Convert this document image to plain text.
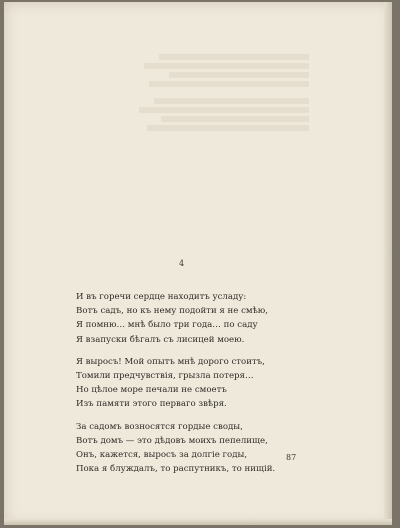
4
И въ горечи сердце находитъ усладу:
Вотъ садъ, но къ нему подойти я не смѣю,
Я помню… мнѣ было три года… по саду
Я взапуски бѣгалъ съ лисицей моею.
Я выросъ! Мой опытъ мнѣ дорого стоитъ,
Томили предчувствія, грызла потеря…
Но цѣлое море печали не смоетъ
Изъ памяти этого перваго звѣря.
За садомъ возносятся гордые своды,
Вотъ домъ — это дѣдовъ моихъ пепелище,
Онъ, кажется, выросъ за долгіе годы,
Пока я блуждалъ, то распутникъ, то нищій.
87
